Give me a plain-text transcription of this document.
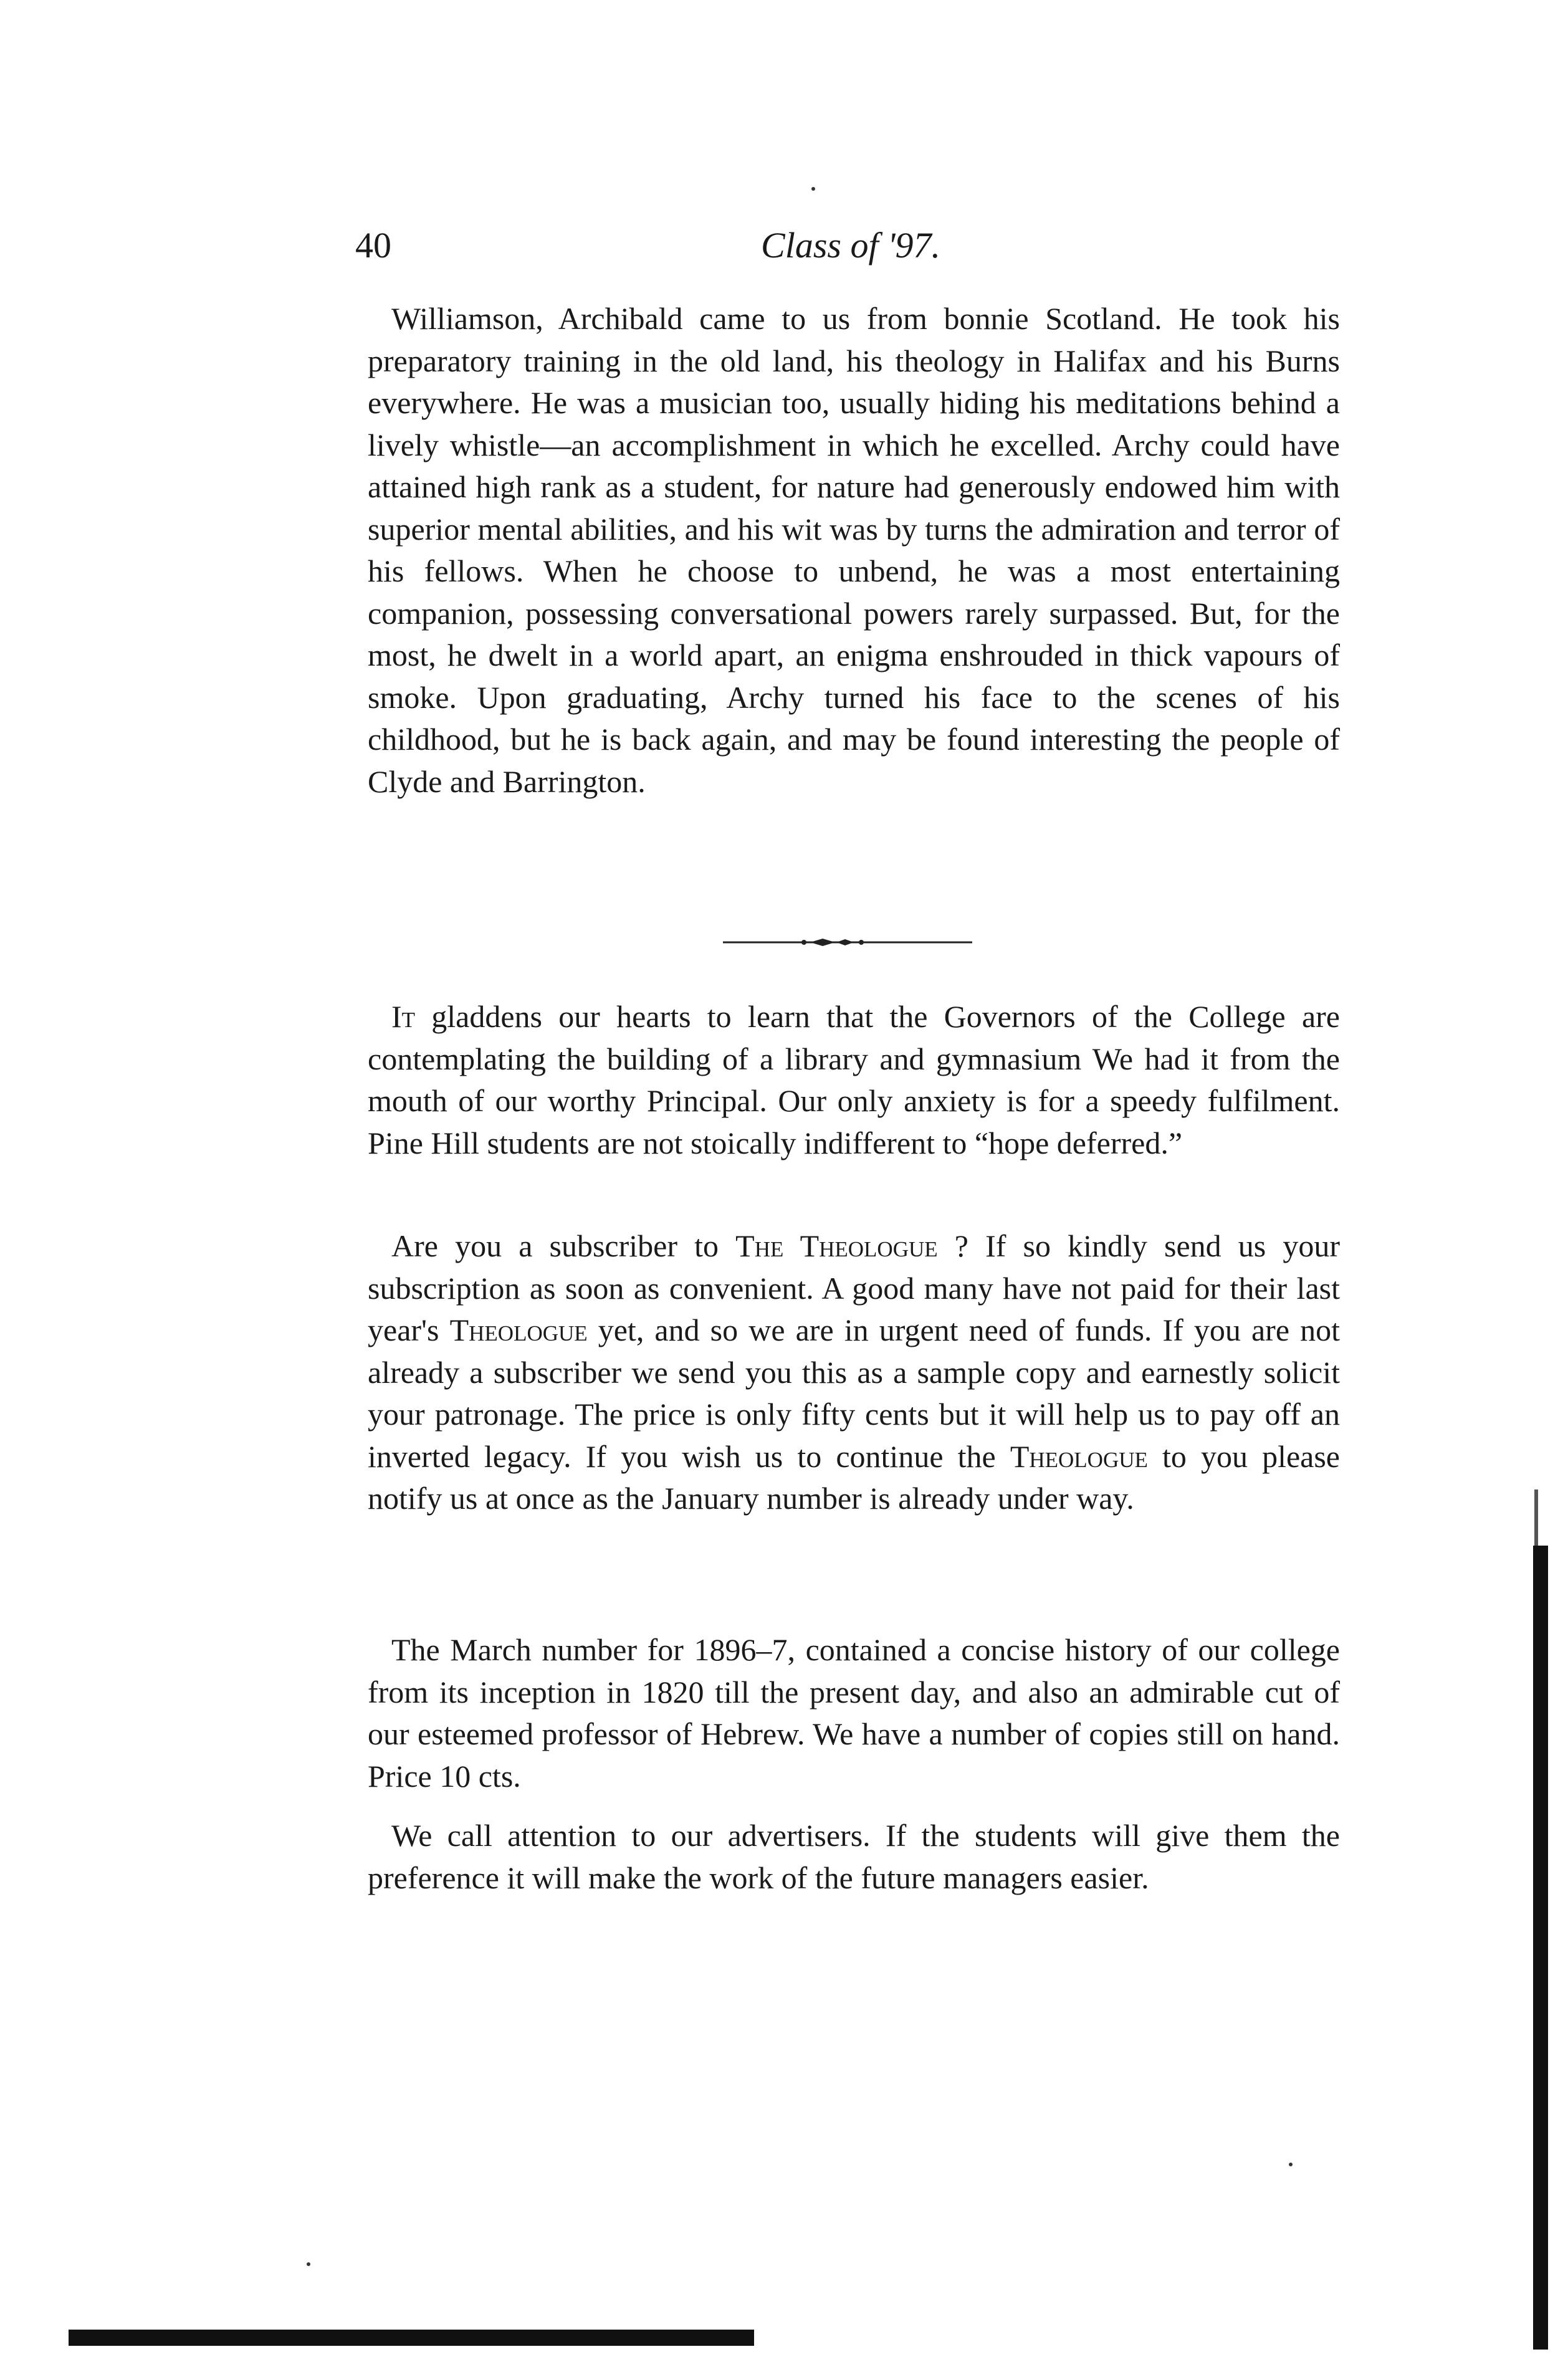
40	Class of '97.

Williamson, Archibald came to us from bonnie Scotland. He took his preparatory training in the old land, his theology in Halifax and his Burns everywhere. He was a musician too, usually hiding his meditations behind a lively whistle—an accomplishment in which he excelled. Archy could have attained high rank as a student, for nature had generously endowed him with superior mental abilities, and his wit was by turns the admiration and terror of his fellows. When he choose to unbend, he was a most entertaining companion, possessing conversational powers rarely surpassed. But, for the most, he dwelt in a world apart, an enigma enshrouded in thick vapours of smoke. Upon graduating, Archy turned his face to the scenes of his childhood, but he is back again, and may be found interesting the people of Clyde and Barrington.

It gladdens our hearts to learn that the Governors of the College are contemplating the building of a library and gymnasium We had it from the mouth of our worthy Principal. Our only anxiety is for a speedy fulfilment. Pine Hill students are not stoically indifferent to “hope deferred.”

Are you a subscriber to The Theologue ? If so kindly send us your subscription as soon as convenient. A good many have not paid for their last year's Theologue yet, and so we are in urgent need of funds. If you are not already a subscriber we send you this as a sample copy and earnestly solicit your patronage. The price is only fifty cents but it will help us to pay off an inverted legacy. If you wish us to continue the Theologue to you please notify us at once as the January number is already under way.

The March number for 1896–7, contained a concise history of our college from its inception in 1820 till the present day, and also an admirable cut of our esteemed professor of Hebrew. We have a number of copies still on hand. Price 10 cts.

We call attention to our advertisers. If the students will give them the preference it will make the work of the future managers easier.
